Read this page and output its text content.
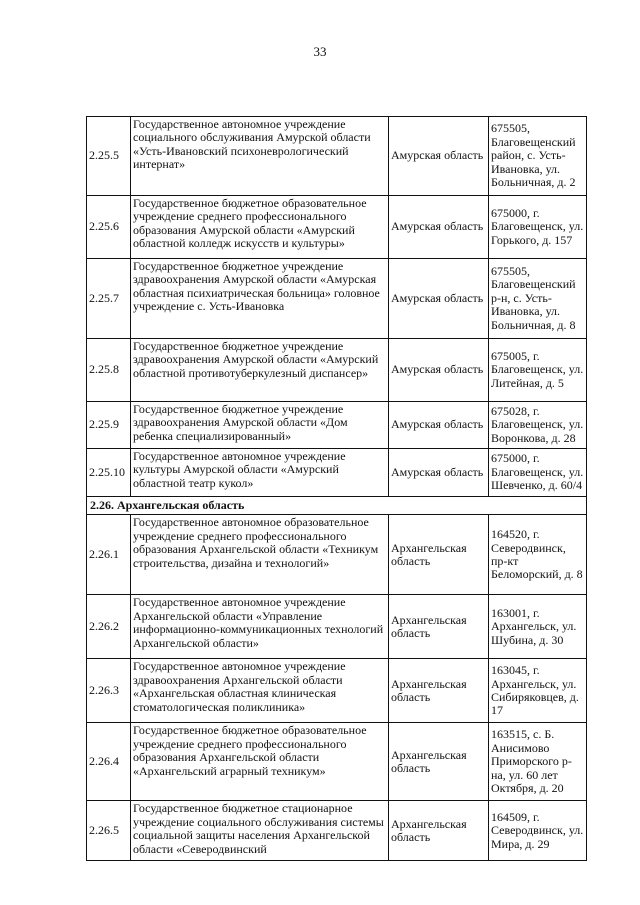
33
2.25.5	Государственное автономное учреждение социального обслуживания Амурской области «Усть-Ивановский психоневрологический интернат»	Амурская область	675505, Благовещенский район, с. Усть-Ивановка, ул. Больничная, д. 2
2.25.6	Государственное бюджетное образовательное учреждение среднего профессионального образования Амурской области «Амурский областной колледж искусств и культуры»	Амурская область	675000, г. Благовещенск, ул. Горького, д. 157
2.25.7	Государственное бюджетное учреждение здравоохранения Амурской области «Амурская областная психиатрическая больница» головное учреждение с. Усть-Ивановка	Амурская область	675505, Благовещенский р-н, с. Усть-Ивановка, ул. Больничная, д. 8
2.25.8	Государственное бюджетное учреждение здравоохранения Амурской области «Амурский областной противотуберкулезный диспансер»	Амурская область	675005, г. Благовещенск, ул. Литейная, д. 5
2.25.9	Государственное бюджетное учреждение здравоохранения Амурской области «Дом ребенка специализированный»	Амурская область	675028, г. Благовещенск, ул. Воронкова, д. 28
2.25.10	Государственное автономное учреждение культуры Амурской области «Амурский областной театр кукол»	Амурская область	675000, г. Благовещенск, ул. Шевченко, д. 60/4
2.26. Архангельская область			
2.26.1	Государственное автономное образовательное учреждение среднего профессионального образования Архангельской области «Техникум строительства, дизайна и технологий»	Архангельская область	164520, г. Северодвинск, пр-кт Беломорский, д. 8
2.26.2	Государственное автономное учреждение Архангельской области «Управление информационно-коммуникационных технологий Архангельской области»	Архангельская область	163001, г. Архангельск, ул. Шубина, д. 30
2.26.3	Государственное автономное учреждение здравоохранения Архангельской области «Архангельская областная клиническая стоматологическая поликлиника»	Архангельская область	163045, г. Архангельск, ул. Сибиряковцев, д. 17
2.26.4	Государственное бюджетное образовательное учреждение среднего профессионального образования Архангельской области «Архангельский аграрный техникум»	Архангельская область	163515, с. Б. Анисимово Приморского р-на, ул. 60 лет Октября, д. 20
2.26.5	Государственное бюджетное стационарное учреждение социального обслуживания системы социальной защиты населения Архангельской области «Северодвинский	Архангельская область	164509, г. Северодвинск, ул. Мира, д. 29
